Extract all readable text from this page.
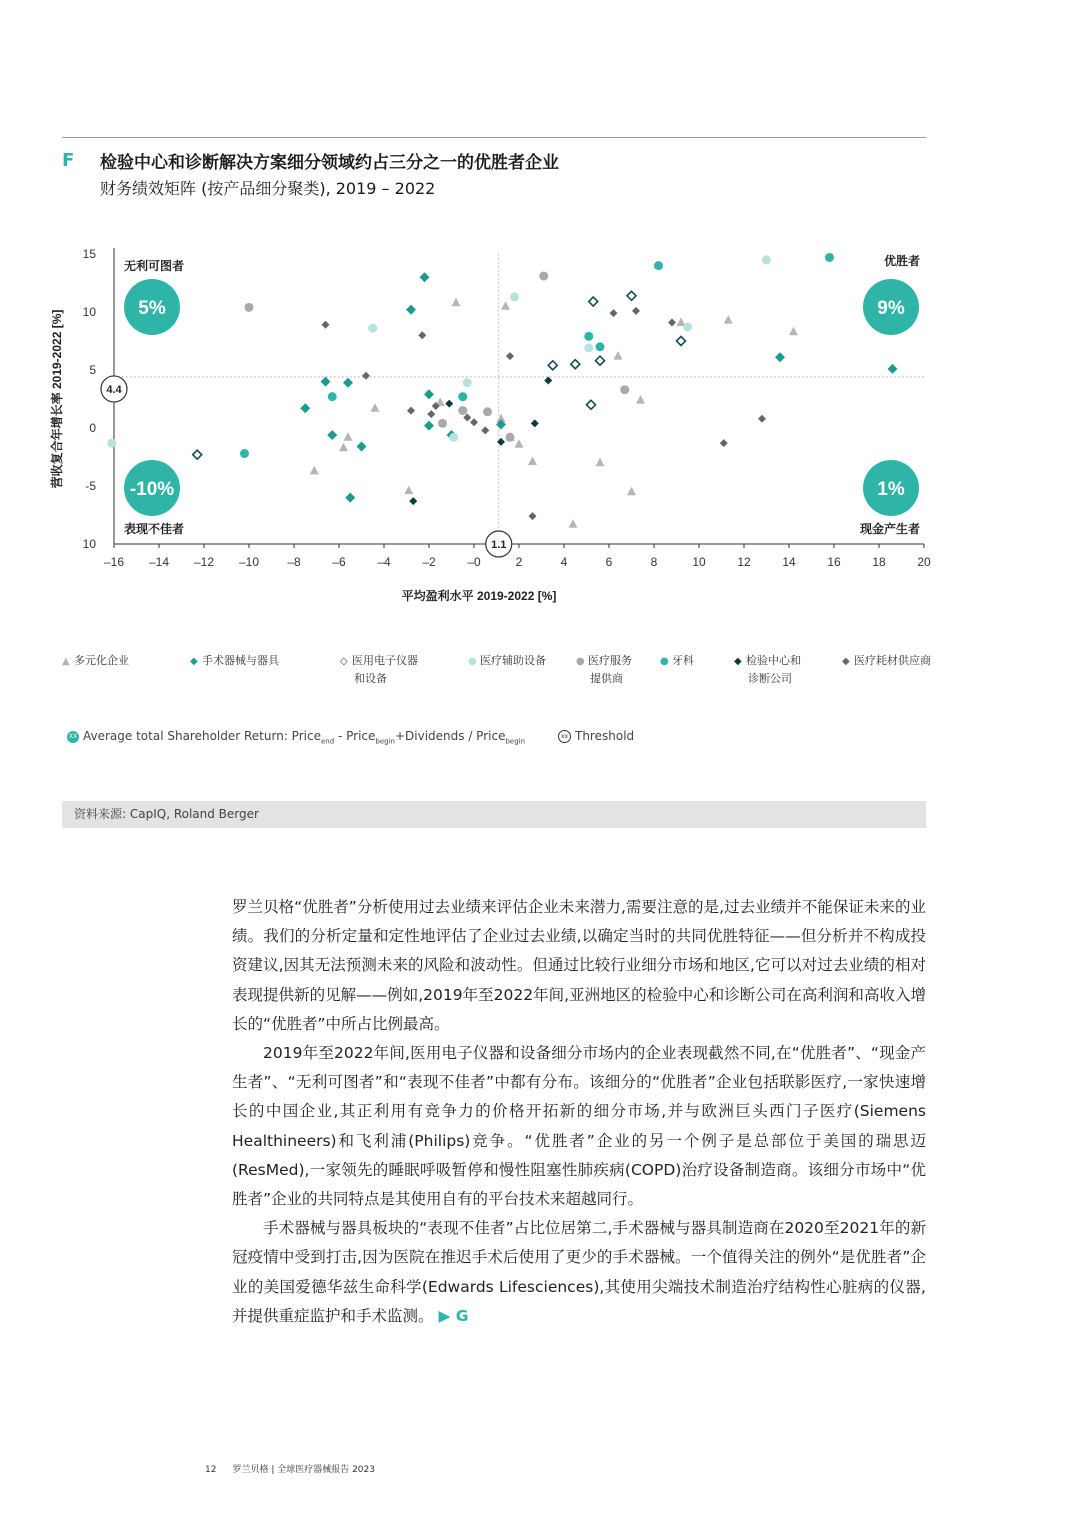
F 检验中心和诊断解决方案细分领域约占三分之一的优胜者企业
财务绩效矩阵 (按产品细分聚类), 2019 – 2022
–16 –14 –12 –10 –8	–6	–4	–2	–0	2	4	6	8	10	12	14	16	18	20
15
10
5
0
-5
10
平均盈利水平 2019-2022 [%]
营收复合年增长率 2019-2022 [%]	4.4
1.1
无利可图者
5%
优胜者
9%
表现不佳者
-10%
现金产生者
1%
▲ 多元化企业	◆ 手术器械与器具	◇ 医用电子仪器
和设备
● 医疗辅助设备	● 医疗服务
提供商
● 牙科	◆ 检验中心和
诊断公司
◆ 医疗耗材供应商
XX Average total Shareholder Return: Price$_{end}$ - Price$_{begin}$+Dividends / Price$_{begin}$
xx Threshold
资料来源: CapIQ, Roland Berger

罗兰贝格“优胜者”分析使用过去业绩来评估企业未来潜力,需要注意的是,过去业绩并不能保证未来的业绩。我们的分析定量和定性地评估了企业过去业绩,以确定当时的共同优胜特征——但分析并不构成投资建议,因其无法预测未来的风险和波动性。但通过比较行业细分市场和地区,它可以对过去业绩的相对表现提供新的见解——例如,2019年至2022年间,亚洲地区的检验中心和诊断公司在高利润和高收入增长的“优胜者”中所占比例最高。

2019年至2022年间,医用电子仪器和设备细分市场内的企业表现截然不同,在“优胜者”、“现金产生者”、“无利可图者”和“表现不佳者”中都有分布。该细分的“优胜者”企业包括联影医疗,一家快速增长的中国企业,其正利用有竞争力的价格开拓新的细分市场,并与欧洲巨头西门子医疗(Siemens Healthineers)和飞利浦(Philips)竞争。“优胜者”企业的另一个例子是总部位于美国的瑞思迈 (ResMed),一家领先的睡眠呼吸暂停和慢性阻塞性肺疾病(COPD)治疗设备制造商。该细分市场中“优胜者”企业的共同特点是其使用自有的平台技术来超越同行。

手术器械与器具板块的“表现不佳者”占比位居第二,手术器械与器具制造商在2020至2021年的新冠疫情中受到打击,因为医院在推迟手术后使用了更少的手术器械。一个值得关注的例外“是优胜者”企业的美国爱德华兹生命科学(Edwards Lifesciences),其使用尖端技术制造治疗结构性心脏病的仪器,并提供重症监护和手术监测。 ▶ G

12 罗兰贝格 | 全球医疗器械报告 2023
